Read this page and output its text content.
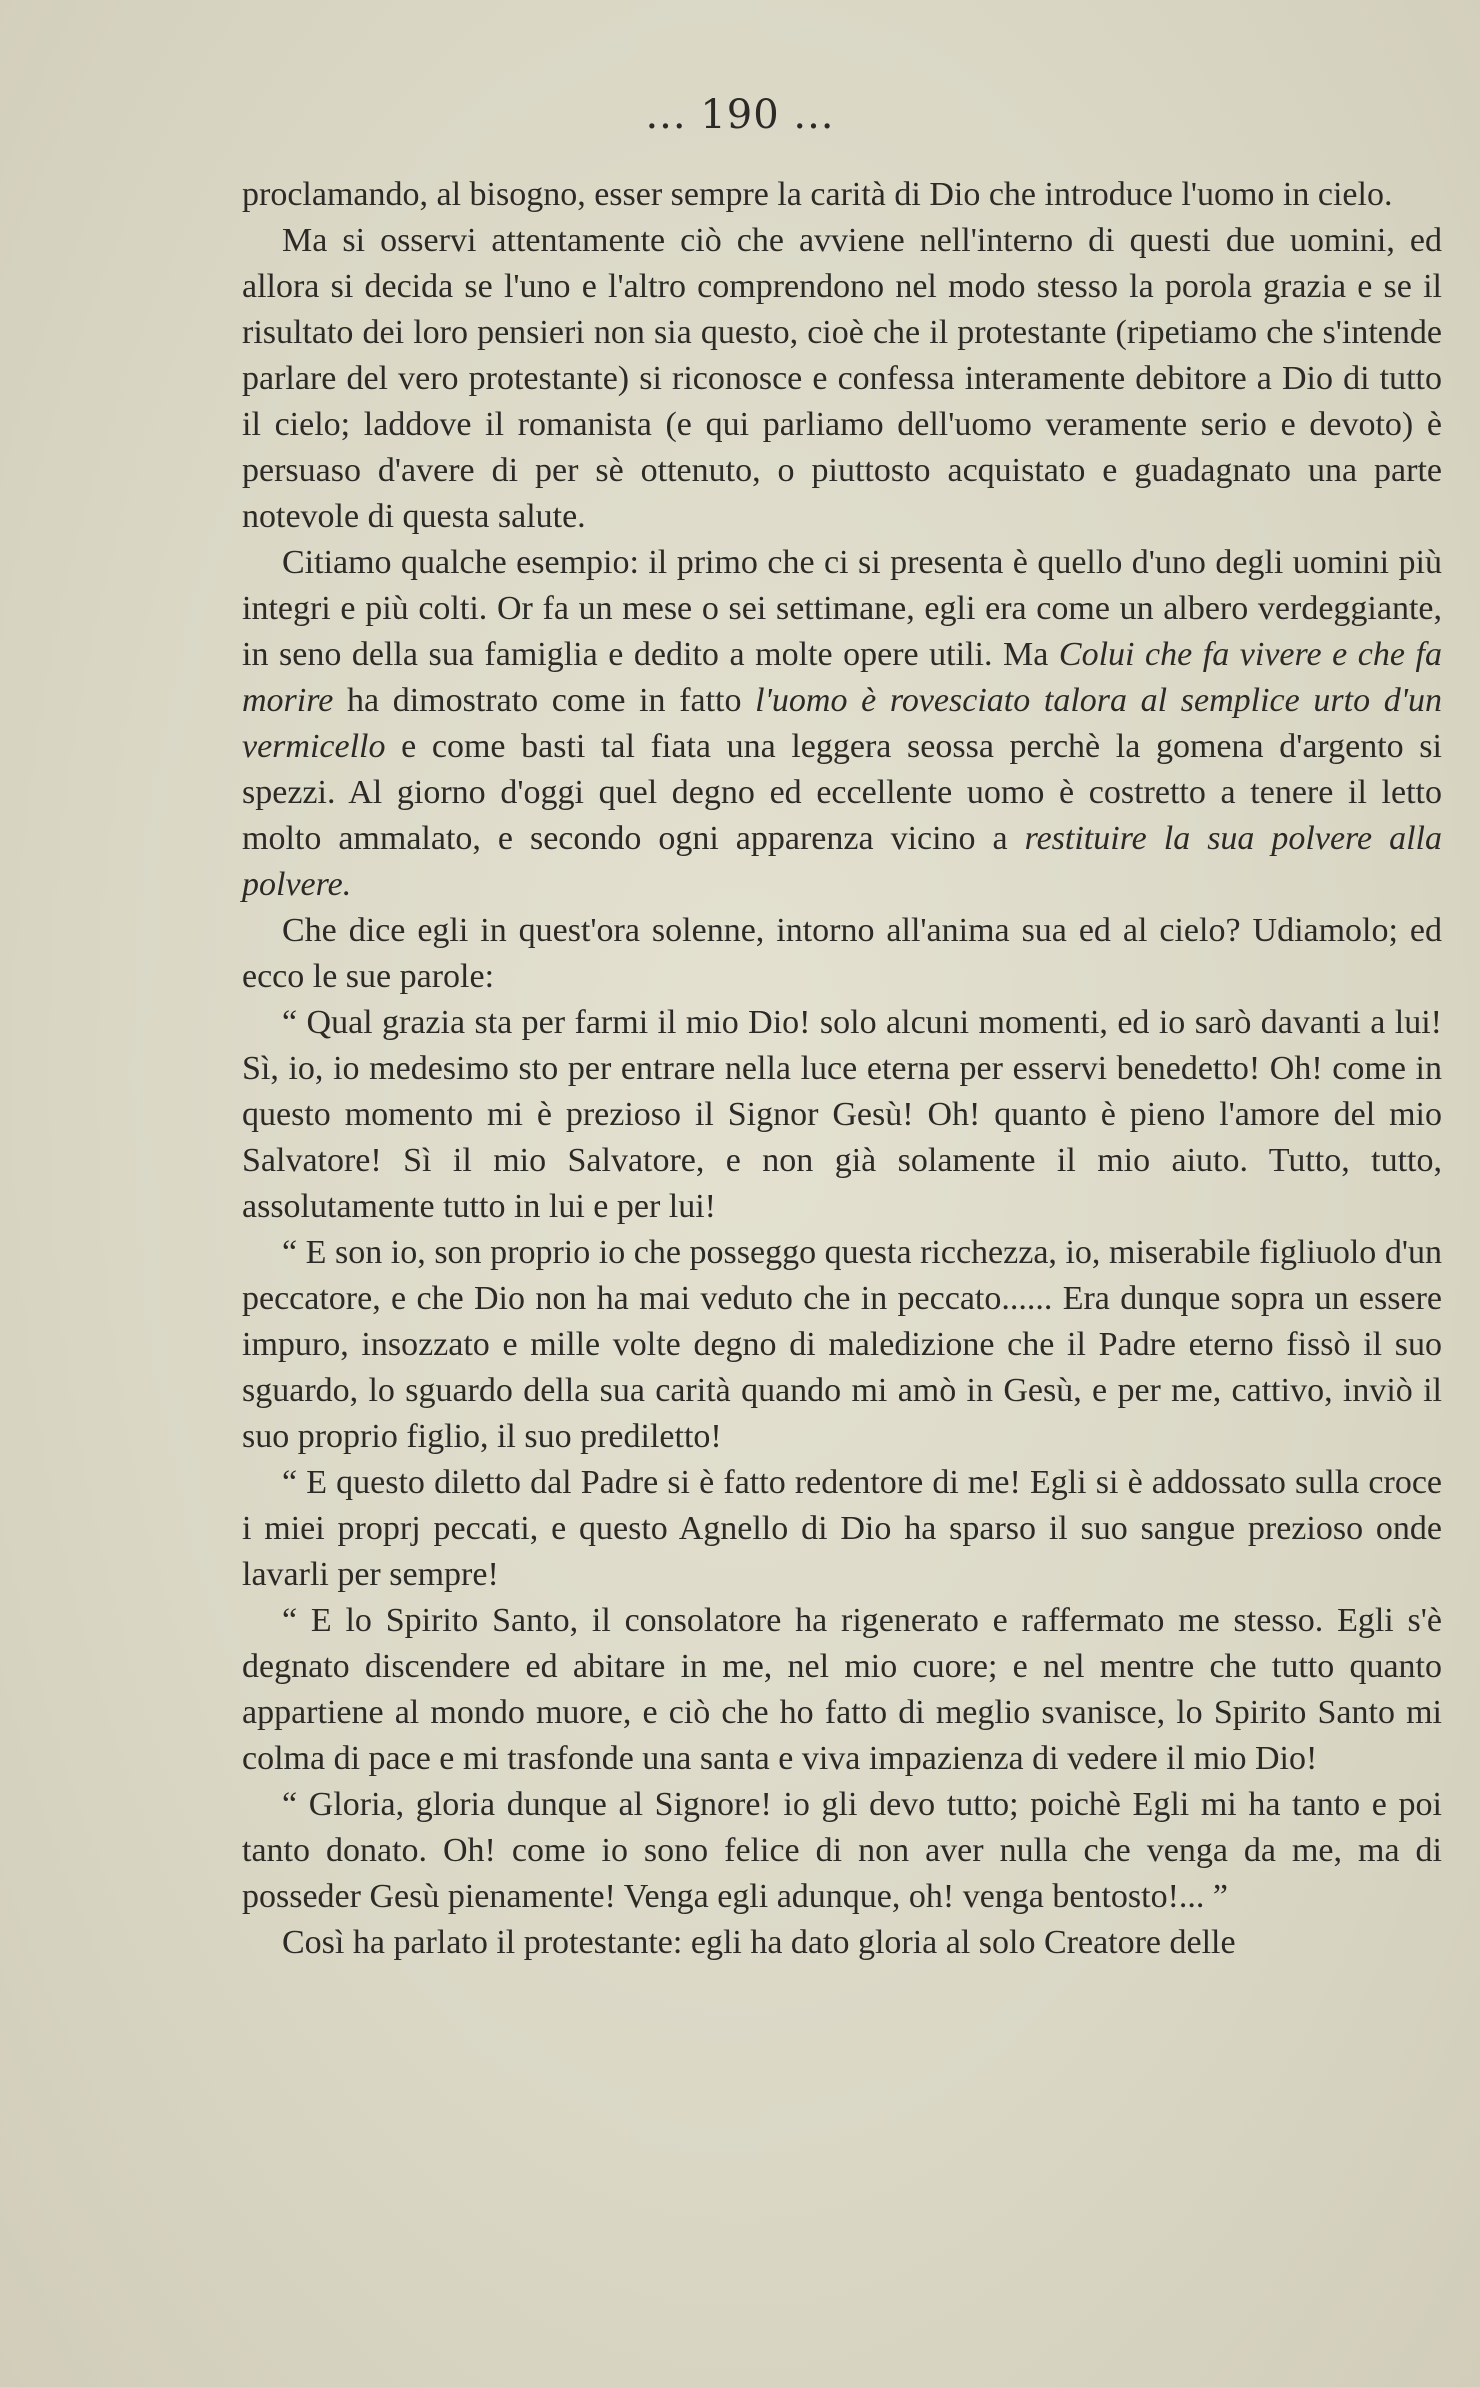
... 190 ...

proclamando, al bisogno, esser sempre la carità di Dio che introduce l'uomo in cielo.

Ma si osservi attentamente ciò che avviene nell'interno di questi due uomini, ed allora si decida se l'uno e l'altro comprendono nel modo stesso la porola grazia e se il risultato dei loro pensieri non sia questo, cioè che il protestante (ripetiamo che s'intende parlare del vero protestante) si riconosce e confessa interamente debitore a Dio di tutto il cielo; laddove il romanista (e qui parliamo dell'uomo veramente serio e devoto) è persuaso d'avere di per sè ottenuto, o piuttosto acquistato e guadagnato una parte notevole di questa salute.

Citiamo qualche esempio: il primo che ci si presenta è quello d'uno degli uomini più integri e più colti. Or fa un mese o sei settimane, egli era come un albero verdeggiante, in seno della sua famiglia e dedito a molte opere utili. Ma Colui che fa vivere e che fa morire ha dimostrato come in fatto l'uomo è rovesciato talora al semplice urto d'un vermicello e come basti tal fiata una leggera seossa perchè la gomena d'argento si spezzi. Al giorno d'oggi quel degno ed eccellente uomo è costretto a tenere il letto molto ammalato, e secondo ogni apparenza vicino a restituire la sua polvere alla polvere.

Che dice egli in quest'ora solenne, intorno all'anima sua ed al cielo? Udiamolo; ed ecco le sue parole:

“ Qual grazia sta per farmi il mio Dio! solo alcuni momenti, ed io sarò davanti a lui! Sì, io, io medesimo sto per entrare nella luce eterna per esservi benedetto! Oh! come in questo momento mi è prezioso il Signor Gesù! Oh! quanto è pieno l'amore del mio Salvatore! Sì il mio Salvatore, e non già solamente il mio aiuto. Tutto, tutto, assolutamente tutto in lui e per lui!

“ E son io, son proprio io che posseggo questa ricchezza, io, miserabile figliuolo d'un peccatore, e che Dio non ha mai veduto che in peccato...... Era dunque sopra un essere impuro, insozzato e mille volte degno di maledizione che il Padre eterno fissò il suo sguardo, lo sguardo della sua carità quando mi amò in Gesù, e per me, cattivo, inviò il suo proprio figlio, il suo prediletto!

“ E questo diletto dal Padre si è fatto redentore di me! Egli si è addossato sulla croce i miei proprj peccati, e questo Agnello di Dio ha sparso il suo sangue prezioso onde lavarli per sempre!

“ E lo Spirito Santo, il consolatore ha rigenerato e raffermato me stesso. Egli s'è degnato discendere ed abitare in me, nel mio cuore; e nel mentre che tutto quanto appartiene al mondo muore, e ciò che ho fatto di meglio svanisce, lo Spirito Santo mi colma di pace e mi trasfonde una santa e viva impazienza di vedere il mio Dio!

“ Gloria, gloria dunque al Signore! io gli devo tutto; poichè Egli mi ha tanto e poi tanto donato. Oh! come io sono felice di non aver nulla che venga da me, ma di posseder Gesù pienamente! Venga egli adunque, oh! venga bentosto!... ”

Così ha parlato il protestante: egli ha dato gloria al solo Creatore delle
